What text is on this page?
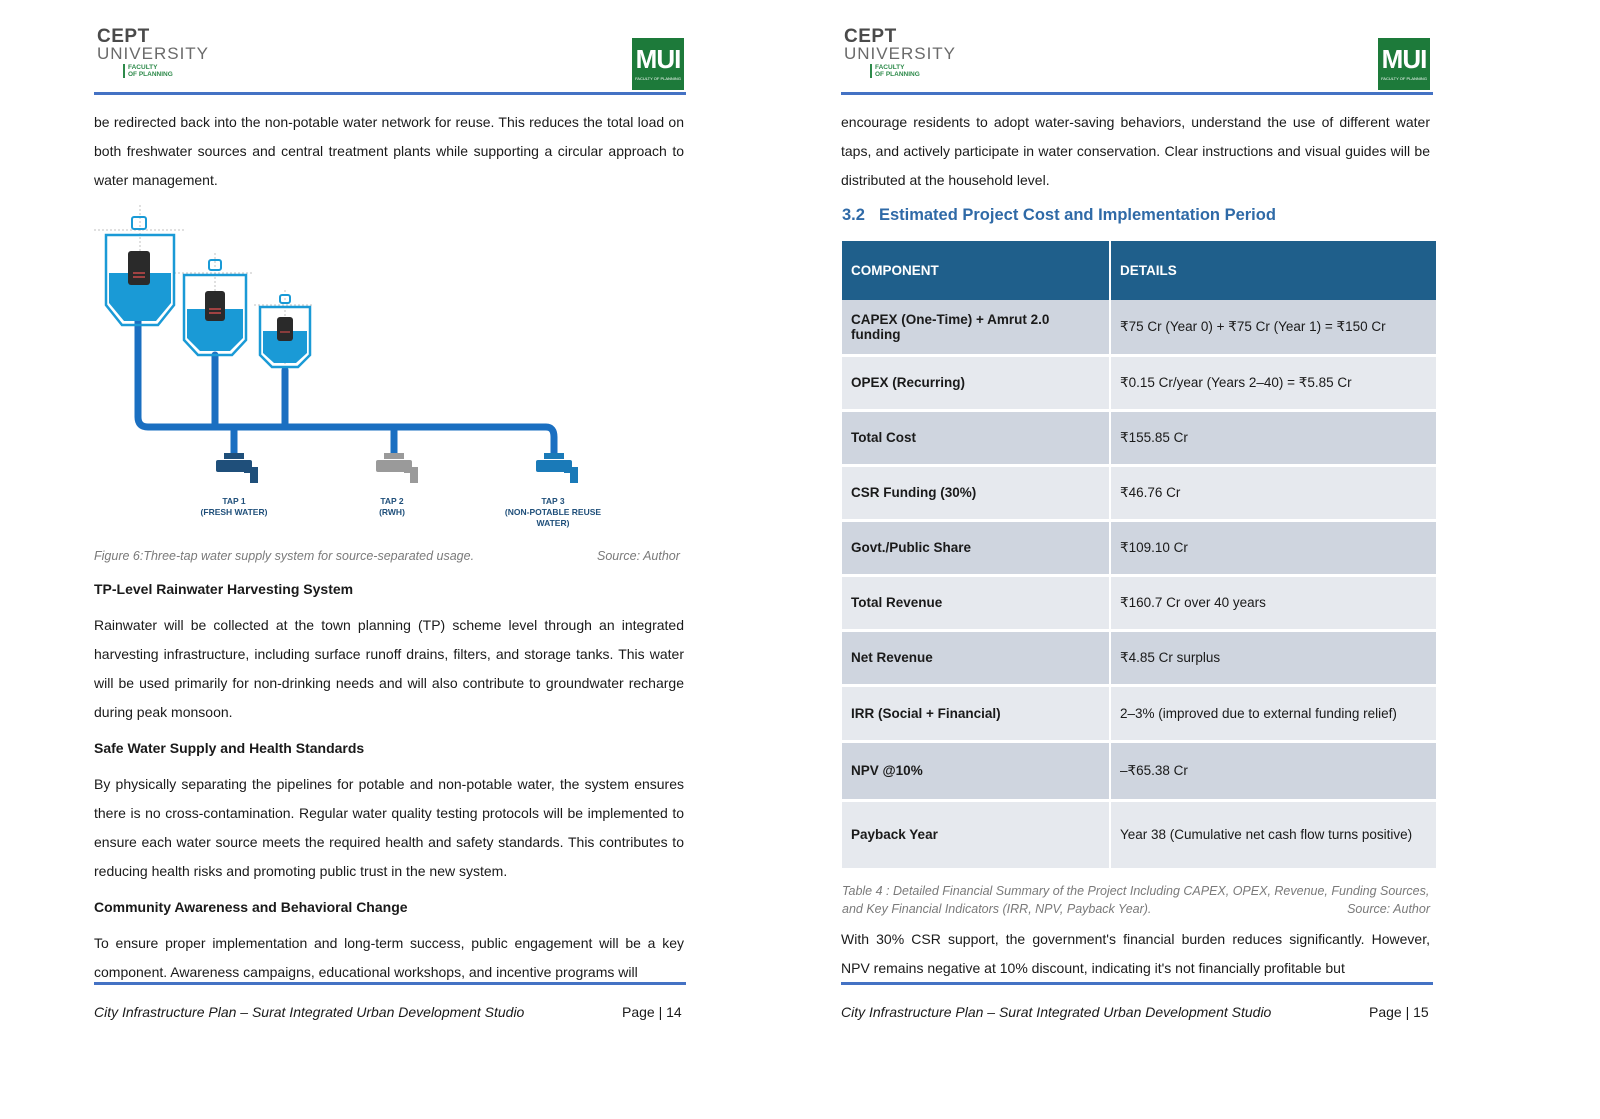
CEPT
UNIVERSITY
FACULTY
OF PLANNING
MUI
FACULTY OF PLANNING

be redirected back into the non-potable water network for reuse. This reduces the total load on both freshwater sources and central treatment plants while supporting a circular approach to water management.

TAP 1
(FRESH WATER)
TAP 2
(RWH)
TAP 3
(NON-POTABLE REUSE
WATER)
Figure 6:Three-tap water supply system for source-separated usage.	Source: Author
TP-Level Rainwater Harvesting System

Rainwater will be collected at the town planning (TP) scheme level through an integrated harvesting infrastructure, including surface runoff drains, filters, and storage tanks. This water will be used primarily for non-drinking needs and will also contribute to groundwater recharge during peak monsoon.

Safe Water Supply and Health Standards

By physically separating the pipelines for potable and non-potable water, the system ensures there is no cross-contamination. Regular water quality testing protocols will be implemented to ensure each water source meets the required health and safety standards. This contributes to reducing health risks and promoting public trust in the new system.

Community Awareness and Behavioral Change

To ensure proper implementation and long-term success, public engagement will be a key component. Awareness campaigns, educational workshops, and incentive programs will

City Infrastructure Plan – Surat Integrated Urban Development Studio	Page | 14
CEPT
UNIVERSITY
FACULTY
OF PLANNING
MUI
FACULTY OF PLANNING

encourage residents to adopt water-saving behaviors, understand the use of different water taps, and actively participate in water conservation. Clear instructions and visual guides will be distributed at the household level.

3.2 Estimated Project Cost and Implementation Period
COMPONENT	DETAILS
CAPEX (One-Time) + Amrut 2.0 funding	₹75 Cr (Year 0) + ₹75 Cr (Year 1) = ₹150 Cr
OPEX (Recurring)	₹0.15 Cr/year (Years 2–40) = ₹5.85 Cr
Total Cost	₹155.85 Cr
CSR Funding (30%)	₹46.76 Cr
Govt./Public Share	₹109.10 Cr
Total Revenue	₹160.7 Cr over 40 years
Net Revenue	₹4.85 Cr surplus
IRR (Social + Financial)	2–3% (improved due to external funding relief)
NPV @10%	–₹65.38 Cr
Payback Year	Year 38 (Cumulative net cash flow turns positive)
Table 4 : Detailed Financial Summary of the Project Including CAPEX, OPEX, Revenue, Funding Sources, and Key Financial Indicators (IRR, NPV, Payback Year).	Source: Author

With 30% CSR support, the government's financial burden reduces significantly. However, NPV remains negative at 10% discount, indicating it's not financially profitable but

City Infrastructure Plan – Surat Integrated Urban Development Studio	Page | 15
